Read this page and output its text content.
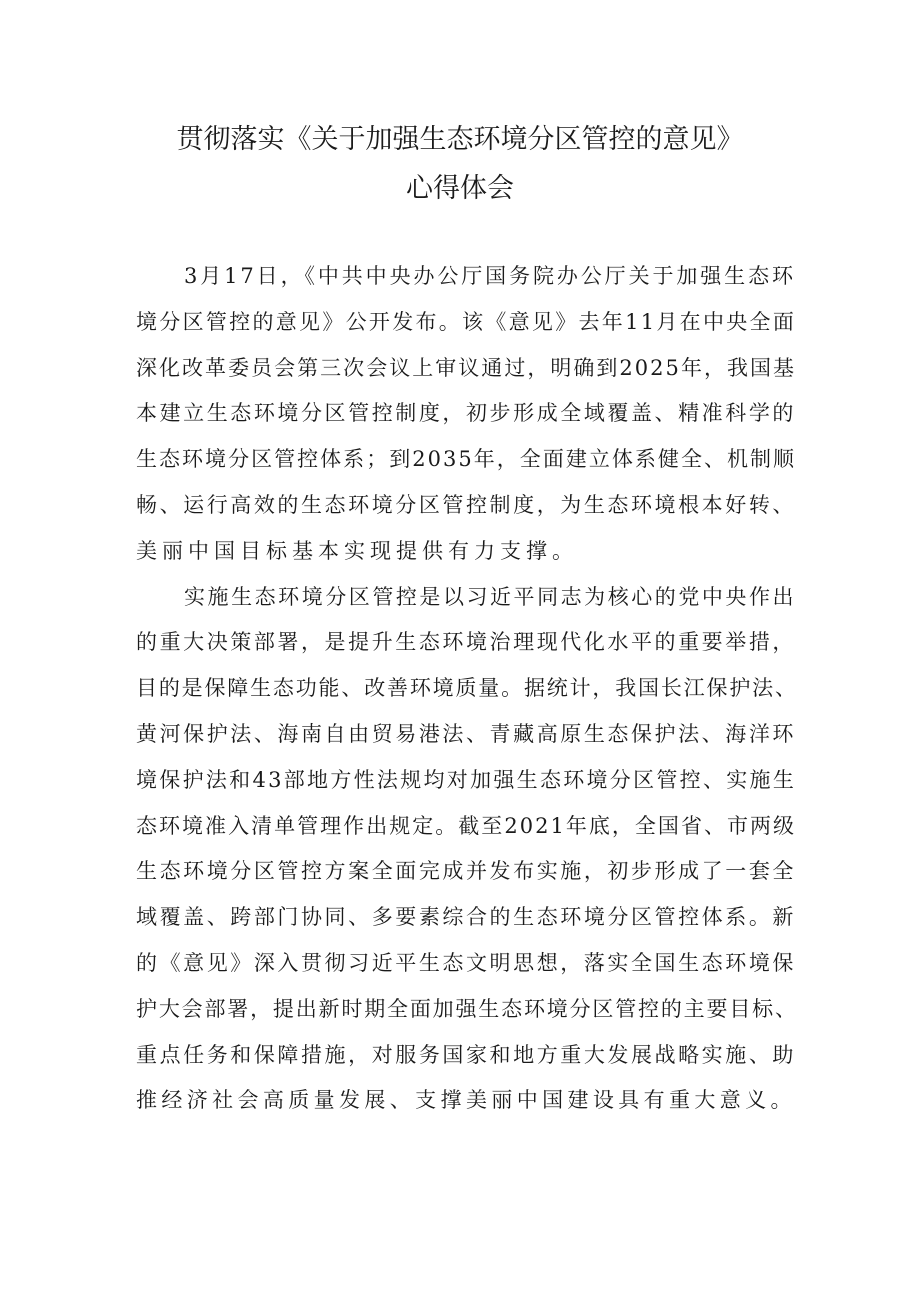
贯彻落实《关于加强生态环境分区管控的意见》
心得体会
3月17日，《中共中央办公厅国务院办公厅关于加强生态环
境分区管控的意见》公开发布。该《意见》去年11月在中央全面
深化改革委员会第三次会议上审议通过，明确到2025年，我国基
本建立生态环境分区管控制度，初步形成全域覆盖、精准科学的
生态环境分区管控体系；到2035年，全面建立体系健全、机制顺
畅、运行高效的生态环境分区管控制度，为生态环境根本好转、
美丽中国目标基本实现提供有力支撑。
实施生态环境分区管控是以习近平同志为核心的党中央作出
的重大决策部署，是提升生态环境治理现代化水平的重要举措，
目的是保障生态功能、改善环境质量。据统计，我国长江保护法、
黄河保护法、海南自由贸易港法、青藏高原生态保护法、海洋环
境保护法和43部地方性法规均对加强生态环境分区管控、实施生
态环境准入清单管理作出规定。截至2021年底，全国省、市两级
生态环境分区管控方案全面完成并发布实施，初步形成了一套全
域覆盖、跨部门协同、多要素综合的生态环境分区管控体系。新
的《意见》深入贯彻习近平生态文明思想，落实全国生态环境保
护大会部署，提出新时期全面加强生态环境分区管控的主要目标、
重点任务和保障措施，对服务国家和地方重大发展战略实施、助
推经济社会高质量发展、支撑美丽中国建设具有重大意义。
